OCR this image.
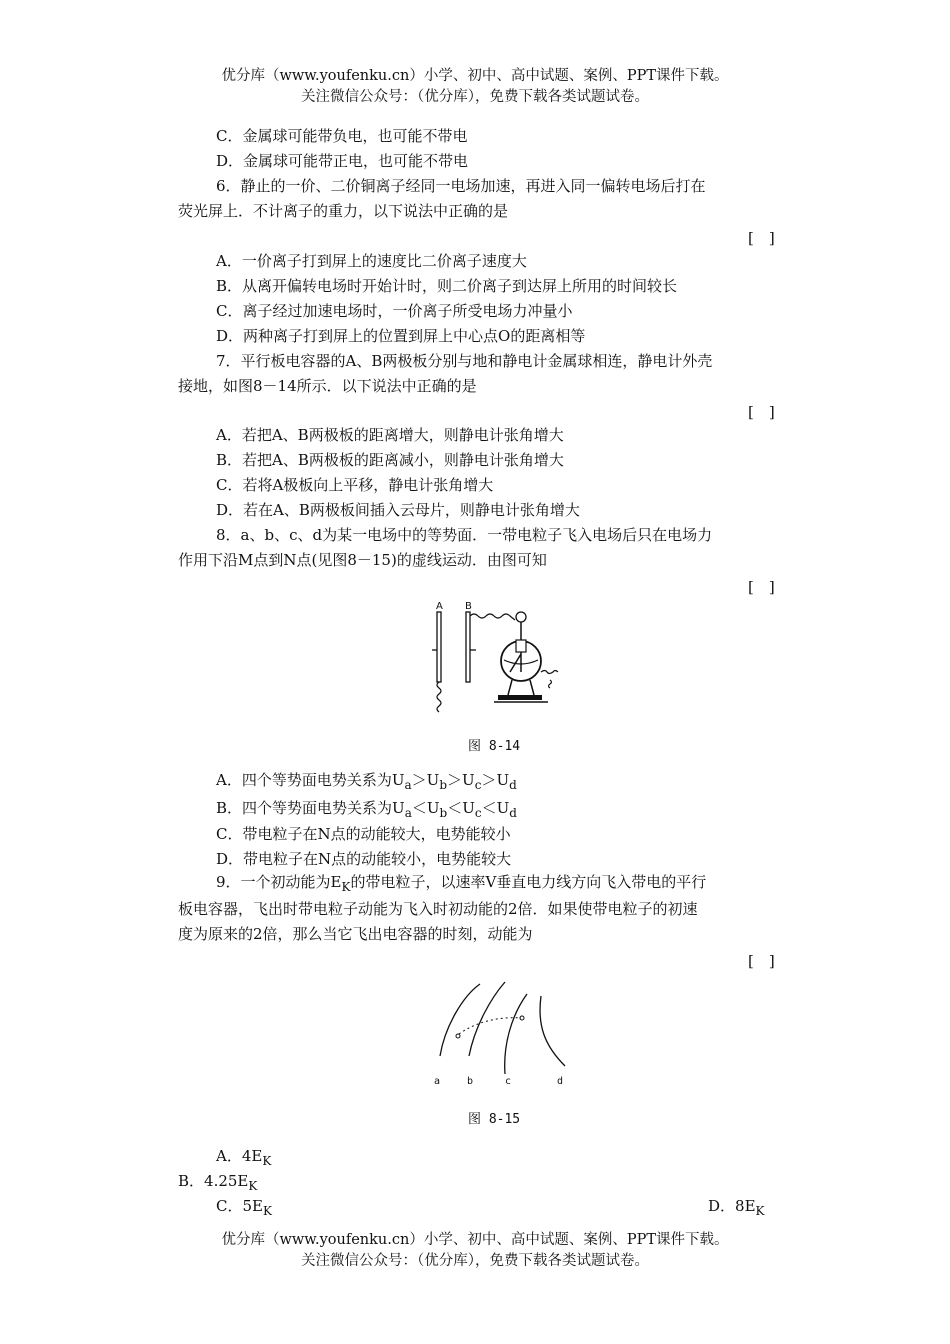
优分库（www.youfenku.cn）小学、初中、高中试题、案例、PPT课件下载。
关注微信公众号：（优分库），免费下载各类试题试卷。
C．金属球可能带负电，也可能不带电
D．金属球可能带正电，也可能不带电
6．静止的一价、二价铜离子经同一电场加速，再进入同一偏转电场后打在
荧光屏上．不计离子的重力，以下说法中正确的是
[　]
A．一价离子打到屏上的速度比二价离子速度大
B．从离开偏转电场时开始计时，则二价离子到达屏上所用的时间较长
C．离子经过加速电场时，一价离子所受电场力冲量小
D．两种离子打到屏上的位置到屏上中心点O的距离相等
7．平行板电容器的A、B两极板分别与地和静电计金属球相连，静电计外壳
接地，如图8－14所示．以下说法中正确的是
[　]
A．若把A、B两极板的距离增大，则静电计张角增大
B．若把A、B两极板的距离减小，则静电计张角增大
C．若将A极板向上平移，静电计张角增大
D．若在A、B两极板间插入云母片，则静电计张角增大
8．a、b、c、d为某一电场中的等势面．一带电粒子飞入电场后只在电场力
作用下沿M点到N点(见图8－15)的虚线运动．由图可知
[　]
A B
图 8-14
A．四个等势面电势关系为$U_a>U_b>U_c>U_d$
B．四个等势面电势关系为$U_a<U_b<U_c<U_d$
C．带电粒子在N点的动能较大，电势能较小
D．带电粒子在N点的动能较小，电势能较大
9．一个初动能为$E_K$的带电粒子，以速率V垂直电力线方向飞入带电的平行
板电容器，飞出时带电粒子动能为飞入时初动能的2倍．如果使带电粒子的初速
度为原来的2倍，那么当它飞出电容器的时刻，动能为
[　]
a	b	c	d
图 8-15
A．$4E_K$
B．$4.25E_K$
C．$5E_K$	D．$8E_K$
优分库（www.youfenku.cn）小学、初中、高中试题、案例、PPT课件下载。
关注微信公众号：（优分库），免费下载各类试题试卷。
